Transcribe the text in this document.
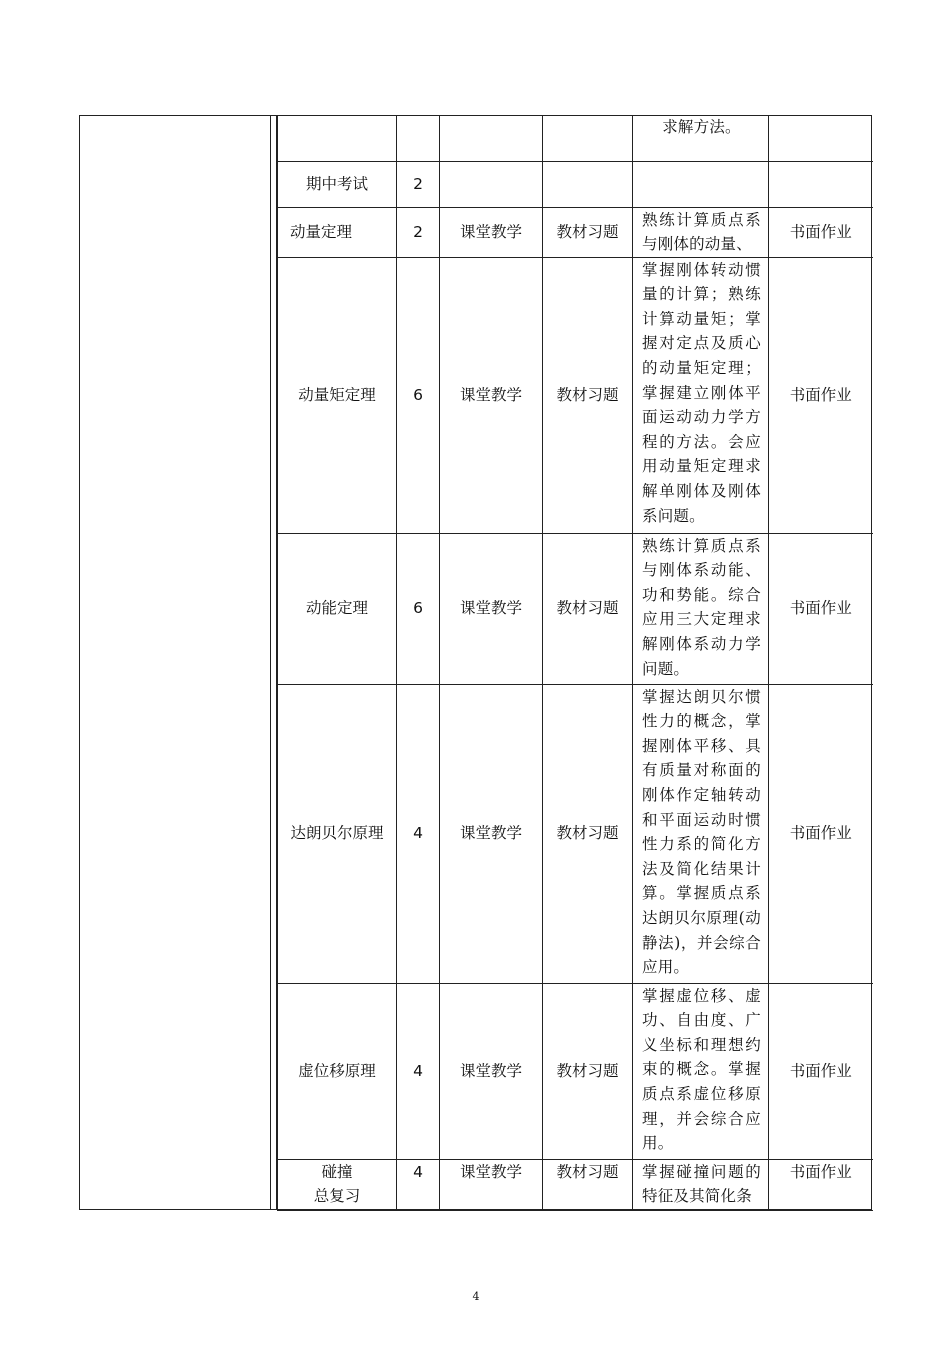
				求解方法。	
期中考试	2				
动量定理	2	课堂教学	教材习题	熟练计算质点系与刚体的动量、	书面作业
动量矩定理	6	课堂教学	教材习题	掌握刚体转动惯量的计算；熟练计算动量矩；掌握对定点及质心的动量矩定理；掌握建立刚体平面运动动力学方程的方法。会应用动量矩定理求解单刚体及刚体系问题。	书面作业
动能定理	6	课堂教学	教材习题	熟练计算质点系与刚体系动能、功和势能。综合应用三大定理求解刚体系动力学问题。	书面作业
达朗贝尔原理	4	课堂教学	教材习题	掌握达朗贝尔惯性力的概念，掌握刚体平移、具有质量对称面的刚体作定轴转动和平面运动时惯性力系的简化方法及简化结果计算。掌握质点系达朗贝尔原理(动静法)，并会综合应用。	书面作业
虚位移原理	4	课堂教学	教材习题	掌握虚位移、虚功、自由度、广义坐标和理想约束的概念。掌握质点系虚位移原理，并会综合应用。	书面作业
碰撞
总复习	4	课堂教学	教材习题	掌握碰撞问题的特征及其简化条	书面作业
4
